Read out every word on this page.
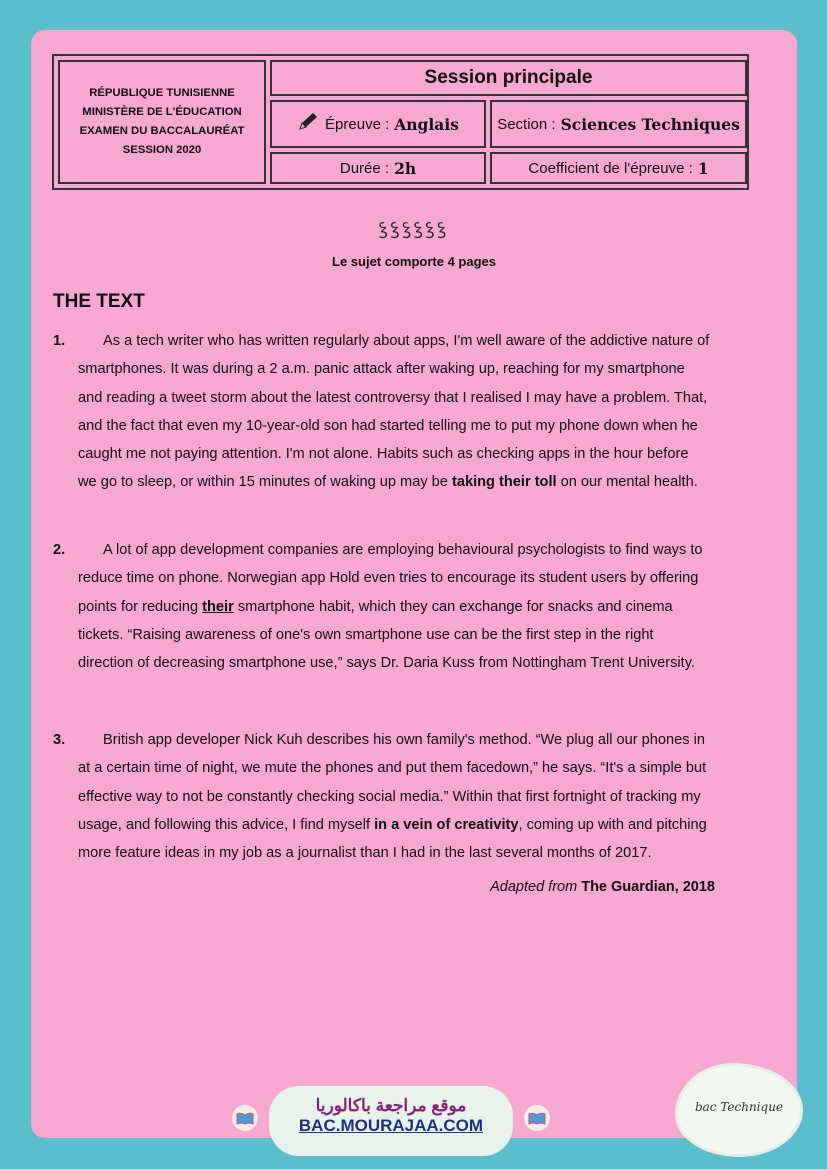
RÉPUBLIQUE TUNISIENNE
MINISTÈRE DE L'ÉDUCATION
EXAMEN DU BACCALAURÉAT
SESSION 2020
Session principale
Épreuve : Anglais	Section : Sciences Techniques
Durée : 2h	Coefficient de l'épreuve : 1
ꝣꝣꝣꝣꝣꝣ
Le sujet comporte 4 pages
THE TEXT
1.	As a tech writer who has written regularly about apps, I'm well aware of the addictive nature of
smartphones. It was during a 2 a.m. panic attack after waking up, reaching for my smartphone
and reading a tweet storm about the latest controversy that I realised I may have a problem. That,
and the fact that even my 10-year-old son had started telling me to put my phone down when he
caught me not paying attention. I'm not alone. Habits such as checking apps in the hour before
we go to sleep, or within 15 minutes of waking up may be taking their toll on our mental health.
2.	A lot of app development companies are employing behavioural psychologists to find ways to
reduce time on phone. Norwegian app Hold even tries to encourage its student users by offering
points for reducing their smartphone habit, which they can exchange for snacks and cinema
tickets. “Raising awareness of one's own smartphone use can be the first step in the right
direction of decreasing smartphone use,” says Dr. Daria Kuss from Nottingham Trent University.
3.	British app developer Nick Kuh describes his own family's method. “We plug all our phones in
at a certain time of night, we mute the phones and put them facedown,” he says. “It's a simple but
effective way to not be constantly checking social media.” Within that first fortnight of tracking my
usage, and following this advice, I find myself in a vein of creativity, coming up with and pitching
more feature ideas in my job as a journalist than I had in the last several months of 2017.
Adapted from The Guardian, 2018
موقع مراجعة باكالوريا
BAC.MOURAJAA.COM
bac Technique
